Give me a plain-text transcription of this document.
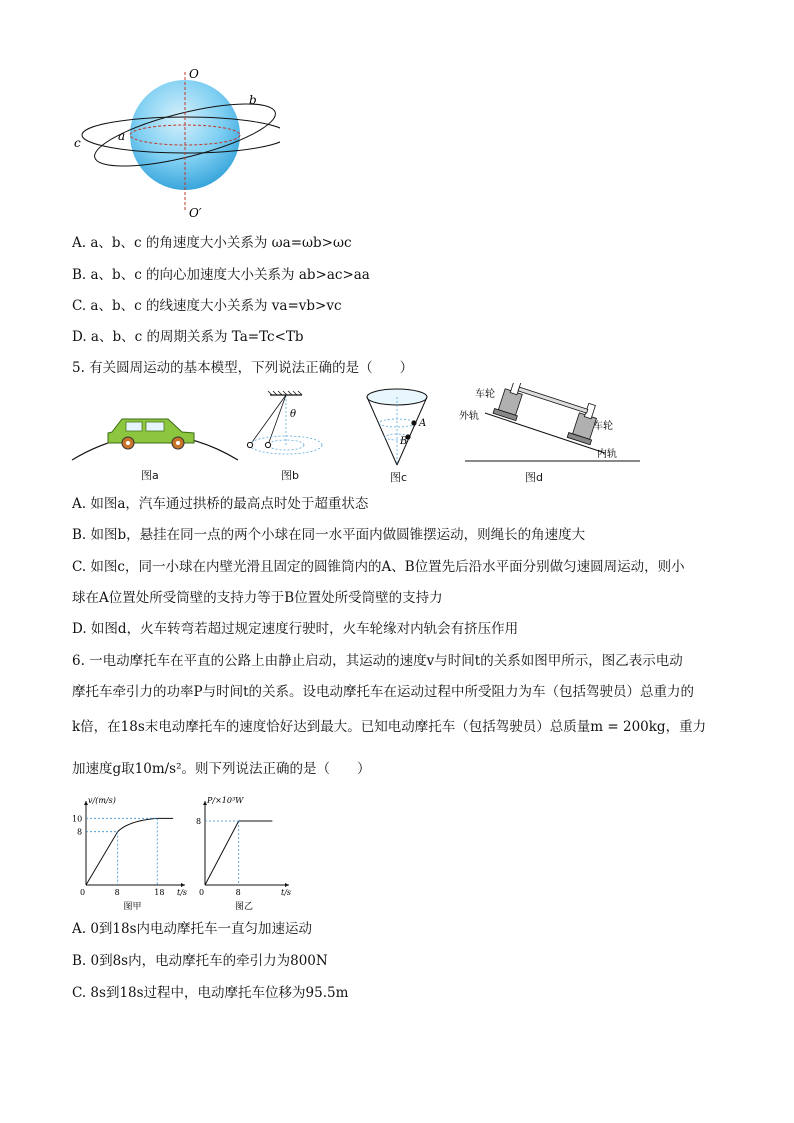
O
O′
b
a
c
A. a、b、c 的角速度大小关系为 ωa=ωb>ωc
B. a、b、c 的向心加速度大小关系为 ab>ac>aa
C. a、b、c 的线速度大小关系为 va=vb>vc
D. a、b、c 的周期关系为 Ta=Tc<Tb
5. 有关圆周运动的基本模型，下列说法正确的是（　　）
图a
θ
图b
A
B
图c
车轮
外轨
车轮
内轨
图d
A. 如图a，汽车通过拱桥的最高点时处于超重状态
B. 如图b，悬挂在同一点的两个小球在同一水平面内做圆锥摆运动，则绳长的角速度大
C. 如图c，同一小球在内壁光滑且固定的圆锥筒内的A、B位置先后沿水平面分别做匀速圆周运动，则小
球在A位置处所受筒壁的支持力等于B位置处所受筒壁的支持力
D. 如图d，火车转弯若超过规定速度行驶时，火车轮缘对内轨会有挤压作用
6. 一电动摩托车在平直的公路上由静止启动，其运动的速度v与时间t的关系如图甲所示，图乙表示电动
摩托车牵引力的功率P与时间t的关系。设电动摩托车在运动过程中所受阻力为车（包括驾驶员）总重力的
k倍，在18s末电动摩托车的速度恰好达到最大。已知电动摩托车（包括驾驶员）总质量m = 200kg，重力
加速度g取10m/s²。则下列说法正确的是（　　）
v/(m/s)
t/s
0	8	18
8
10
图甲
P/×10³W
t/s
0	8
8
图乙
A. 0到18s内电动摩托车一直匀加速运动
B. 0到8s内，电动摩托车的牵引力为800N
C. 8s到18s过程中，电动摩托车位移为95.5m
